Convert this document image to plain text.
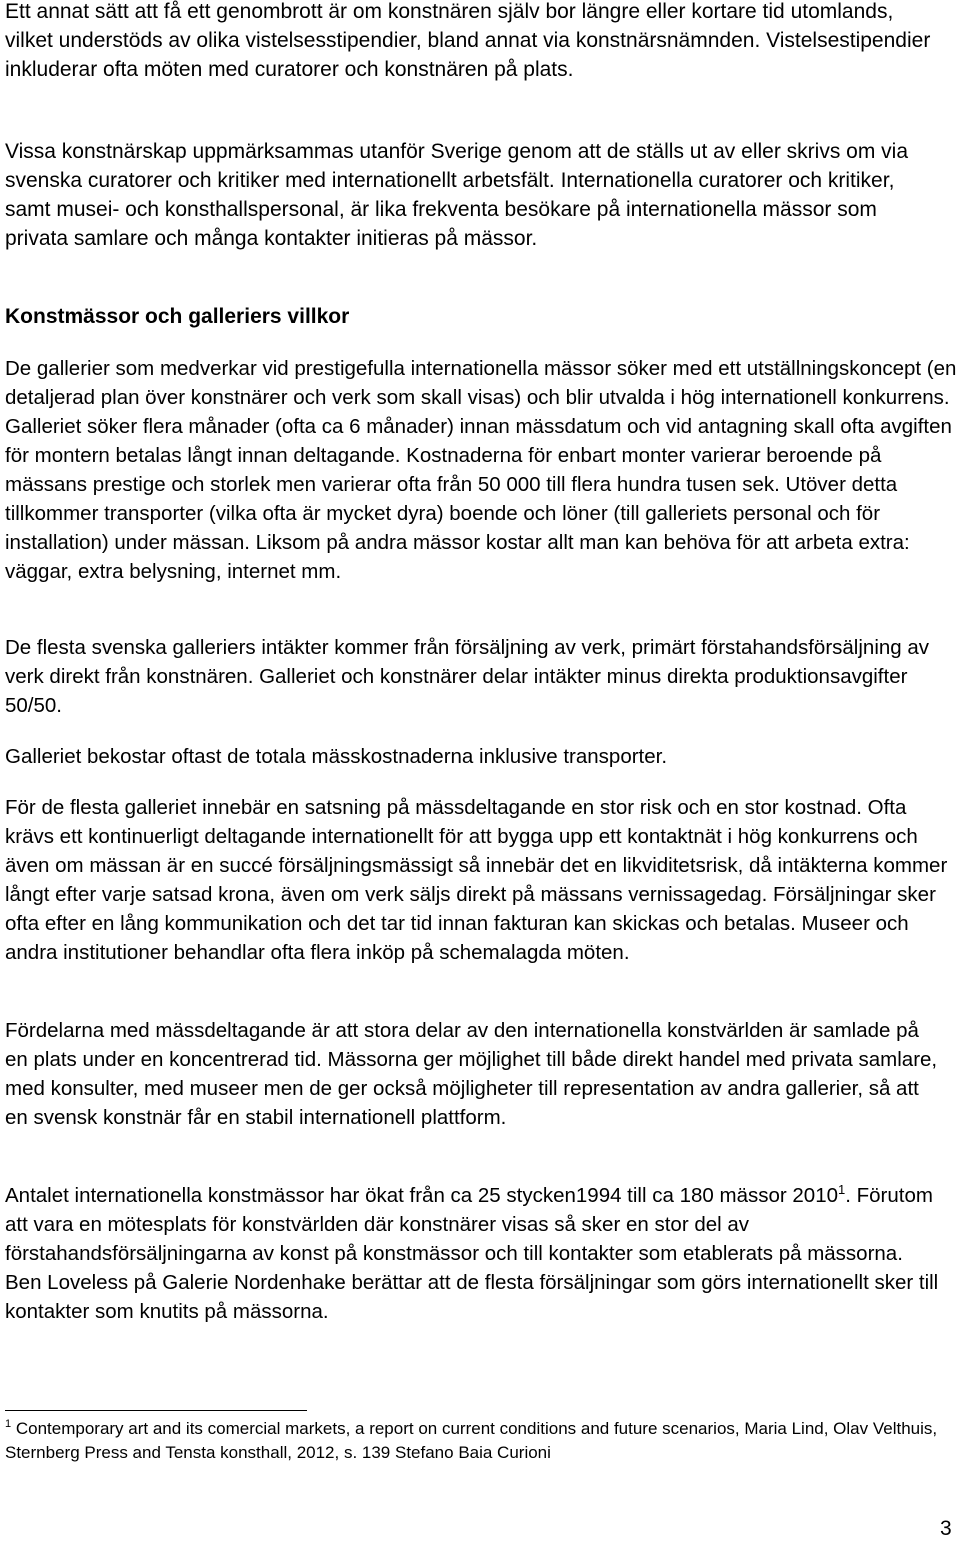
Ett annat sätt att få ett genombrott är om konstnären själv bor längre eller kortare tid utomlands, vilket understöds av olika vistelsesstipendier, bland annat via konstnärsnämnden. Vistelsestipendier inkluderar ofta möten med curatorer och konstnären på plats.

Vissa konstnärskap uppmärksammas utanför Sverige genom att de ställs ut av eller skrivs om via svenska curatorer och kritiker med internationellt arbetsfält. Internationella curatorer och kritiker, samt musei- och konsthallspersonal, är lika frekventa besökare på internationella mässor som privata samlare och många kontakter initieras på mässor.

Konstmässor och galleriers villkor

De gallerier som medverkar vid prestigefulla internationella mässor söker med ett utställningskoncept (en detaljerad plan över konstnärer och verk som skall visas) och blir utvalda i hög internationell konkurrens. Galleriet söker flera månader (ofta ca 6 månader) innan mässdatum och vid antagning skall ofta avgiften för montern betalas långt innan deltagande. Kostnaderna för enbart monter varierar beroende på mässans prestige och storlek men varierar ofta från 50 000 till flera hundra tusen sek. Utöver detta tillkommer transporter (vilka ofta är mycket dyra) boende och löner (till galleriets personal och för installation) under mässan. Liksom på andra mässor kostar allt man kan behöva för att arbeta extra: väggar, extra belysning, internet mm.

De flesta svenska galleriers intäkter kommer från försäljning av verk, primärt förstahandsförsäljning av verk direkt från konstnären. Galleriet och konstnärer delar intäkter minus direkta produktionsavgifter 50/50.

Galleriet bekostar oftast de totala mässkostnaderna inklusive transporter.

För de flesta galleriet innebär en satsning på mässdeltagande en stor risk och en stor kostnad. Ofta krävs ett kontinuerligt deltagande internationellt för att bygga upp ett kontaktnät i hög konkurrens och även om mässan är en succé försäljningsmässigt så innebär det en likviditetsrisk, då intäkterna kommer långt efter varje satsad krona, även om verk säljs direkt på mässans vernissagedag. Försäljningar sker ofta efter en lång kommunikation och det tar tid innan fakturan kan skickas och betalas. Museer och andra institutioner behandlar ofta flera inköp på schemalagda möten.

Fördelarna med mässdeltagande är att stora delar av den internationella konstvärlden är samlade på en plats under en koncentrerad tid. Mässorna ger möjlighet till både direkt handel med privata samlare, med konsulter, med museer men de ger också möjligheter till representation av andra gallerier, så att en svensk konstnär får en stabil internationell plattform.

Antalet internationella konstmässor har ökat från ca 25 stycken1994 till ca 180 mässor 2010$^1$. Förutom att vara en mötesplats för konstvärlden där konstnärer visas så sker en stor del av förstahandsförsäljningarna av konst på konstmässor och till kontakter som etablerats på mässorna. Ben Loveless på Galerie Nordenhake berättar att de flesta försäljningar som görs internationellt sker till kontakter som knutits på mässorna.

$^1$ Contemporary art and its comercial markets, a report on current conditions and future scenarios, Maria Lind, Olav Velthuis, Sternberg Press and Tensta konsthall, 2012, s. 139 Stefano Baia Curioni

3
